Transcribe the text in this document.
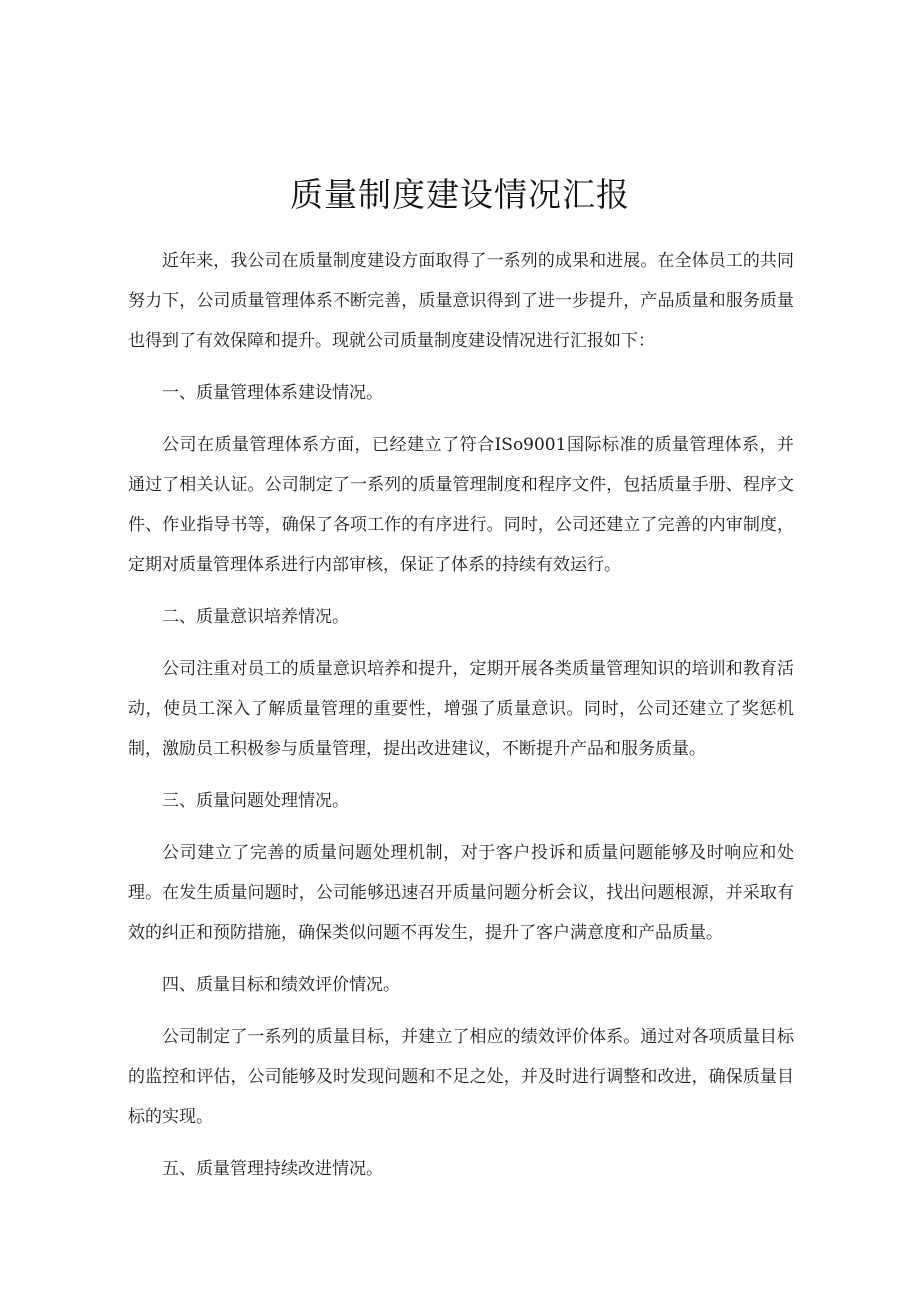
质量制度建设情况汇报

近年来，我公司在质量制度建设方面取得了一系列的成果和进展。在全体员工的共同努力下，公司质量管理体系不断完善，质量意识得到了进一步提升，产品质量和服务质量也得到了有效保障和提升。现就公司质量制度建设情况进行汇报如下：

一、质量管理体系建设情况。

公司在质量管理体系方面，已经建立了符合ISo9001国际标准的质量管理体系，并通过了相关认证。公司制定了一系列的质量管理制度和程序文件，包括质量手册、程序文件、作业指导书等，确保了各项工作的有序进行。同时，公司还建立了完善的内审制度，定期对质量管理体系进行内部审核，保证了体系的持续有效运行。

二、质量意识培养情况。

公司注重对员工的质量意识培养和提升，定期开展各类质量管理知识的培训和教育活动，使员工深入了解质量管理的重要性，增强了质量意识。同时，公司还建立了奖惩机制，激励员工积极参与质量管理，提出改进建议，不断提升产品和服务质量。

三、质量问题处理情况。

公司建立了完善的质量问题处理机制，对于客户投诉和质量问题能够及时响应和处理。在发生质量问题时，公司能够迅速召开质量问题分析会议，找出问题根源，并采取有效的纠正和预防措施，确保类似问题不再发生，提升了客户满意度和产品质量。

四、质量目标和绩效评价情况。

公司制定了一系列的质量目标，并建立了相应的绩效评价体系。通过对各项质量目标的监控和评估，公司能够及时发现问题和不足之处，并及时进行调整和改进，确保质量目标的实现。

五、质量管理持续改进情况。
